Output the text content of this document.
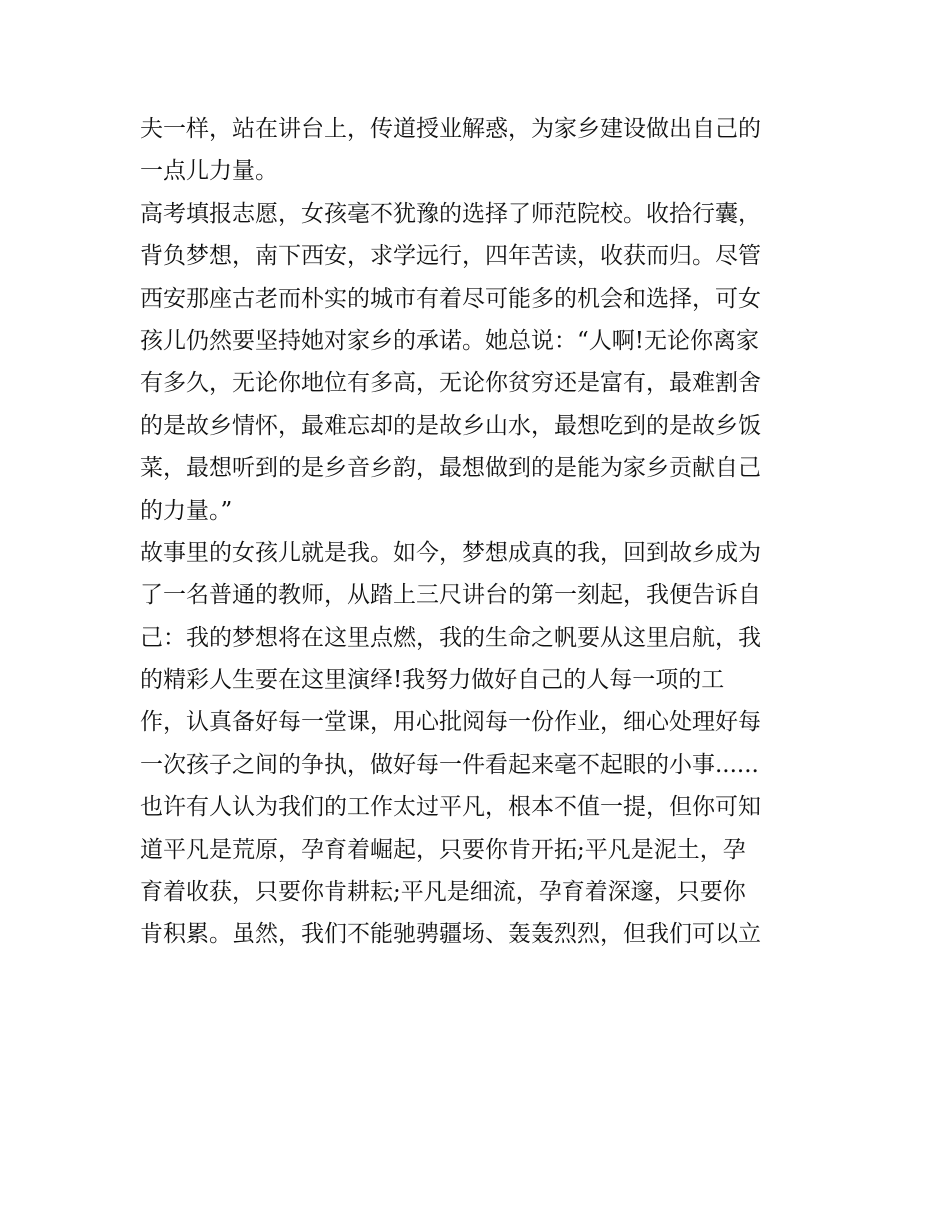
夫一样，站在讲台上，传道授业解惑，为家乡建设做出自己的
一点儿力量。
高考填报志愿，女孩毫不犹豫的选择了师范院校。收拾行囊，
背负梦想，南下西安，求学远行，四年苦读，收获而归。尽管
西安那座古老而朴实的城市有着尽可能多的机会和选择，可女
孩儿仍然要坚持她对家乡的承诺。她总说：“人啊!无论你离家
有多久，无论你地位有多高，无论你贫穷还是富有，最难割舍
的是故乡情怀，最难忘却的是故乡山水，最想吃到的是故乡饭
菜，最想听到的是乡音乡韵，最想做到的是能为家乡贡献自己
的力量。”
故事里的女孩儿就是我。如今，梦想成真的我，回到故乡成为
了一名普通的教师，从踏上三尺讲台的第一刻起，我便告诉自
己：我的梦想将在这里点燃，我的生命之帆要从这里启航，我
的精彩人生要在这里演绎!我努力做好自己的人每一项的工
作，认真备好每一堂课，用心批阅每一份作业，细心处理好每
一次孩子之间的争执，做好每一件看起来毫不起眼的小事......
也许有人认为我们的工作太过平凡，根本不值一提，但你可知
道平凡是荒原，孕育着崛起，只要你肯开拓;平凡是泥土，孕
育着收获，只要你肯耕耘;平凡是细流，孕育着深邃，只要你
肯积累。虽然，我们不能驰骋疆场、轰轰烈烈，但我们可以立
